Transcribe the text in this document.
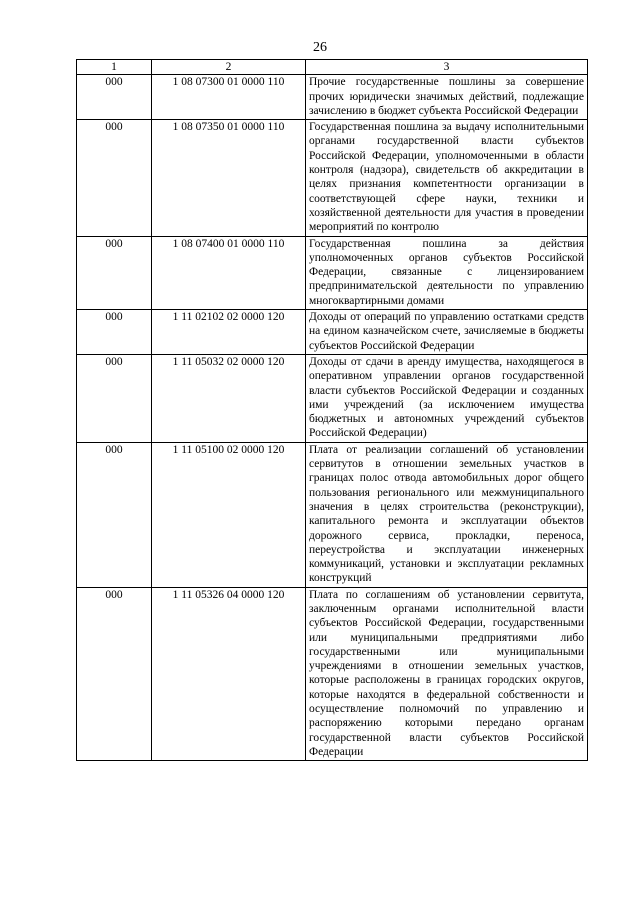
26
1	2	3
000	1 08 07300 01 0000 110	Прочие государственные пошлины за совершение прочих юридически значимых действий, подлежащие зачислению в бюджет субъекта Российской Федерации
000	1 08 07350 01 0000 110	Государственная пошлина за выдачу исполнительными органами государственной власти субъектов Российской Федерации, уполномоченными в области контроля (надзора), свидетельств об аккредитации в целях признания компетентности организации в соответствующей сфере науки, техники и хозяйственной деятельности для участия в проведении мероприятий по контролю
000	1 08 07400 01 0000 110	Государственная пошлина за действия уполномоченных органов субъектов Российской Федерации, связанные с лицензированием предпринимательской деятельности по управлению многоквартирными домами
000	1 11 02102 02 0000 120	Доходы от операций по управлению остатками средств на едином казначейском счете, зачисляемые в бюджеты субъектов Российской Федерации
000	1 11 05032 02 0000 120	Доходы от сдачи в аренду имущества, находящегося в оперативном управлении органов государственной власти субъектов Российской Федерации и созданных ими учреждений (за исключением имущества бюджетных и автономных учреждений субъектов Российской Федерации)
000	1 11 05100 02 0000 120	Плата от реализации соглашений об установлении сервитутов в отношении земельных участков в границах полос отвода автомобильных дорог общего пользования регионального или межмуниципального значения в целях строительства (реконструкции), капитального ремонта и эксплуатации объектов дорожного сервиса, прокладки, переноса, переустройства и эксплуатации инженерных коммуникаций, установки и эксплуатации рекламных конструкций
000	1 11 05326 04 0000 120	Плата по соглашениям об установлении сервитута, заключенным органами исполнительной власти субъектов Российской Федерации, государственными или муниципальными предприятиями либо государственными или муниципальными учреждениями в отношении земельных участков, которые расположены в границах городских округов, которые находятся в федеральной собственности и осуществление полномочий по управлению и распоряжению которыми передано органам государственной власти субъектов Российской Федерации
